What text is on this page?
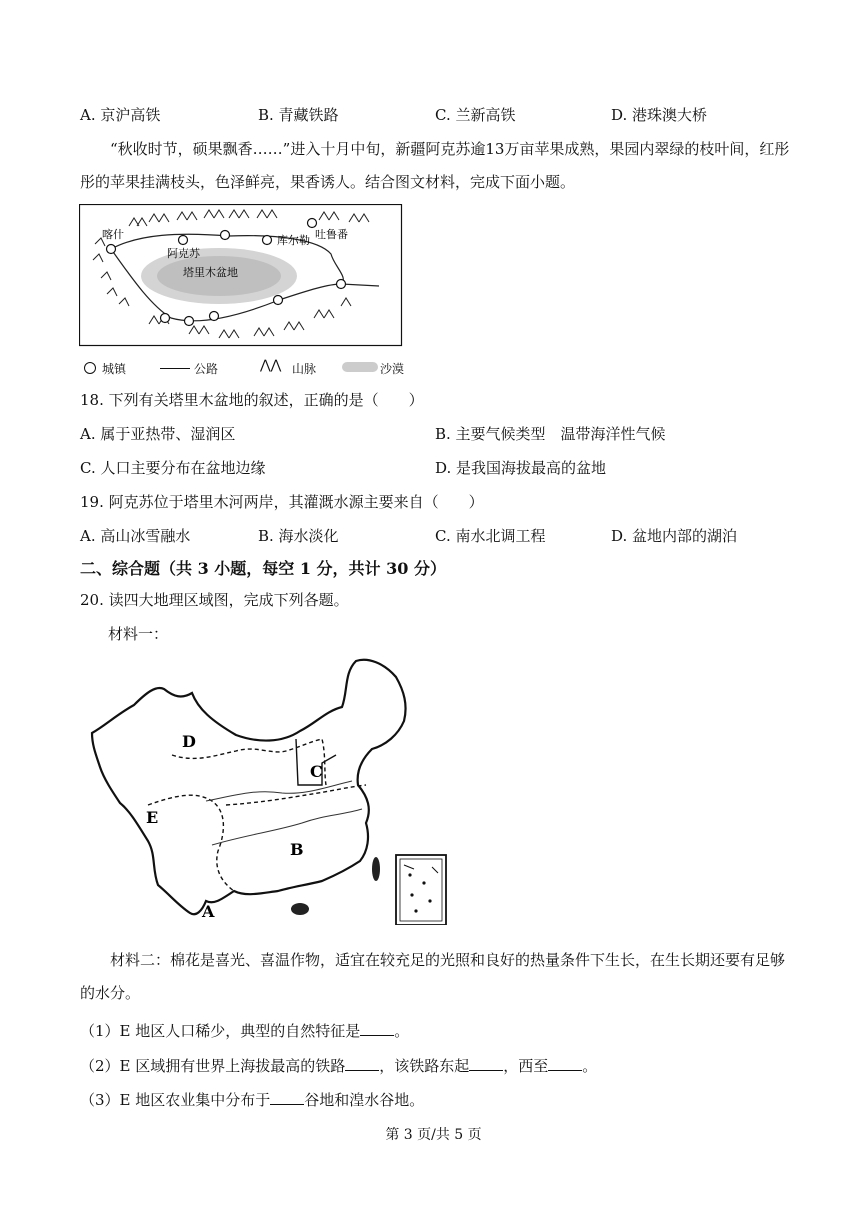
A. 京沪高铁	B. 青藏铁路	C. 兰新高铁	D. 港珠澳大桥
“秋收时节，硕果飘香……”进入十月中旬，新疆阿克苏逾13万亩苹果成熟，果园内翠绿的枝叶间，红彤彤的苹果挂满枝头，色泽鲜亮，果香诱人。结合图文材料，完成下面小题。
喀什
阿克苏
库尔勒 吐鲁番
塔里木盆地
城镇	公路	⋀⋀ 山脉	沙漠
18. 下列有关塔里木盆地的叙述，正确的是（　　）
A. 属于亚热带、湿润区	B. 主要气候类型　温带海洋性气候
C. 人口主要分布在盆地边缘	D. 是我国海拔最高的盆地
19. 阿克苏位于塔里木河两岸，其灌溉水源主要来自（　　）
A. 高山冰雪融水	B. 海水淡化	C. 南水北调工程	D. 盆地内部的湖泊
二、综合题（共 3 小题，每空 1 分，共计 30 分）
20. 读四大地理区域图，完成下列各题。
材料一：
D
C
E
B
A
材料二：棉花是喜光、喜温作物，适宜在较充足的光照和良好的热量条件下生长，在生长期还要有足够的水分。
（1）E 地区人口稀少，典型的自然特征是 。
（2）E 区域拥有世界上海拔最高的铁路 ，该铁路东起 ，西至 。
（3）E 地区农业集中分布于 谷地和湟水谷地。
第 3 页/共 5 页
